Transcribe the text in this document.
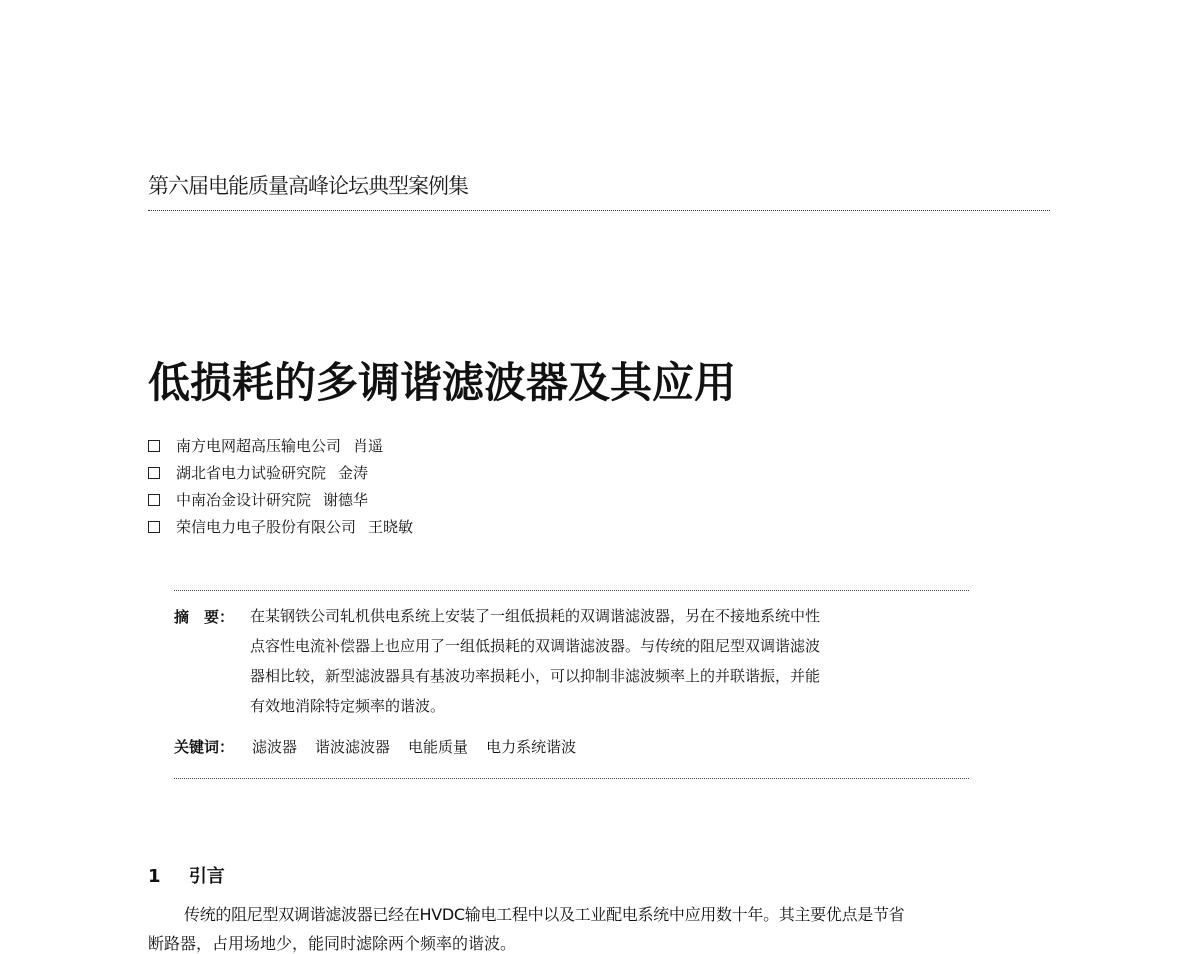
第六届电能质量高峰论坛典型案例集
低损耗的多调谐滤波器及其应用
南方电网超高压输电公司 肖遥
湖北省电力试验研究院 金涛
中南冶金设计研究院 谢德华
荣信电力电子股份有限公司 王晓敏
摘　要： 在某钢铁公司轧机供电系统上安装了一组低损耗的双调谐滤波器，另在不接地系统中性
点容性电流补偿器上也应用了一组低损耗的双调谐滤波器。与传统的阻尼型双调谐滤波
器相比较，新型滤波器具有基波功率损耗小，可以抑制非滤波频率上的并联谐振，并能
有效地消除特定频率的谐波。
关键词： 滤波器 谐波滤波器 电能质量 电力系统谐波
1 引言
传统的阻尼型双调谐滤波器已经在HVDC输电工程中以及工业配电系统中应用数十年。其主要优点是节省
断路器，占用场地少，能同时滤除两个频率的谐波。
